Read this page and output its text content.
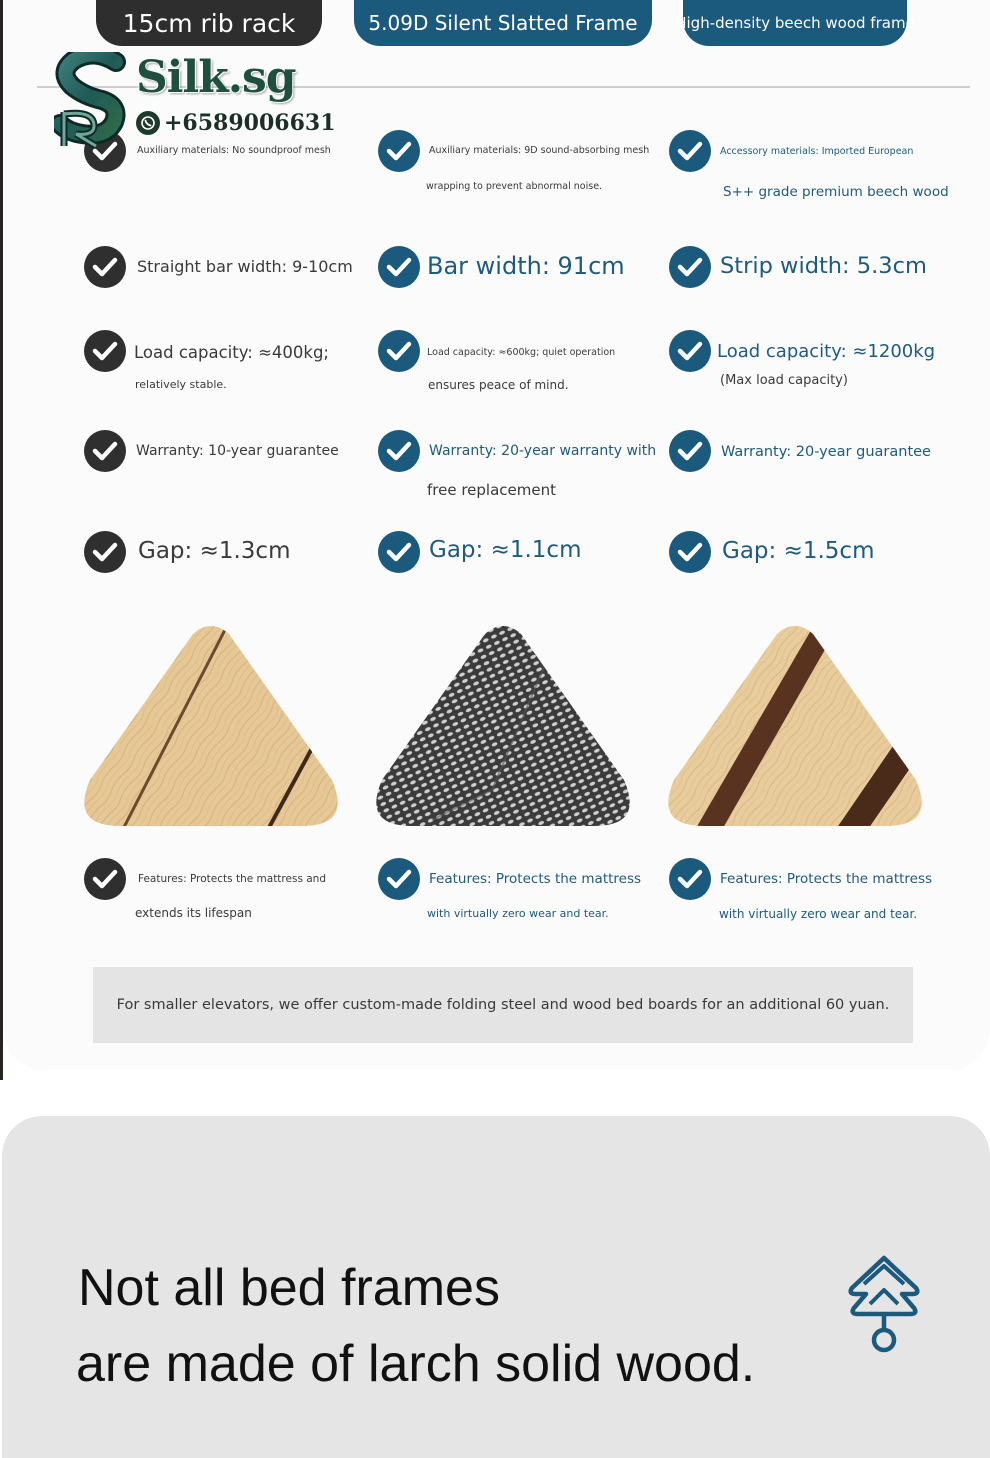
15cm rib rack	5.09D Silent Slatted Frame	High-density beech wood frame
Auxiliary materials: No soundproof mesh
Straight bar width: 9-10cm
Load capacity: ≈400kg;
relatively stable.
Warranty: 10-year guarantee
Gap: ≈1.3cm
Features: Protects the mattress and
extends its lifespan
Auxiliary materials: 9D sound-absorbing mesh
wrapping to prevent abnormal noise.
Bar width: 91cm
Load capacity: ≈600kg; quiet operation
ensures peace of mind.
Warranty: 20-year warranty with
free replacement
Gap: ≈1.1cm
Features: Protects the mattress
with virtually zero wear and tear.
Accessory materials: Imported European
S++ grade premium beech wood
Strip width: 5.3cm
Load capacity: ≈1200kg
(Max load capacity)
Warranty: 20-year guarantee
Gap: ≈1.5cm
Features: Protects the mattress
with virtually zero wear and tear.
For smaller elevators, we offer custom-made folding steel and wood bed boards for an additional 60 yuan.
Silk.sg
+6589006631
Not all bed frames
are made of larch solid wood.
